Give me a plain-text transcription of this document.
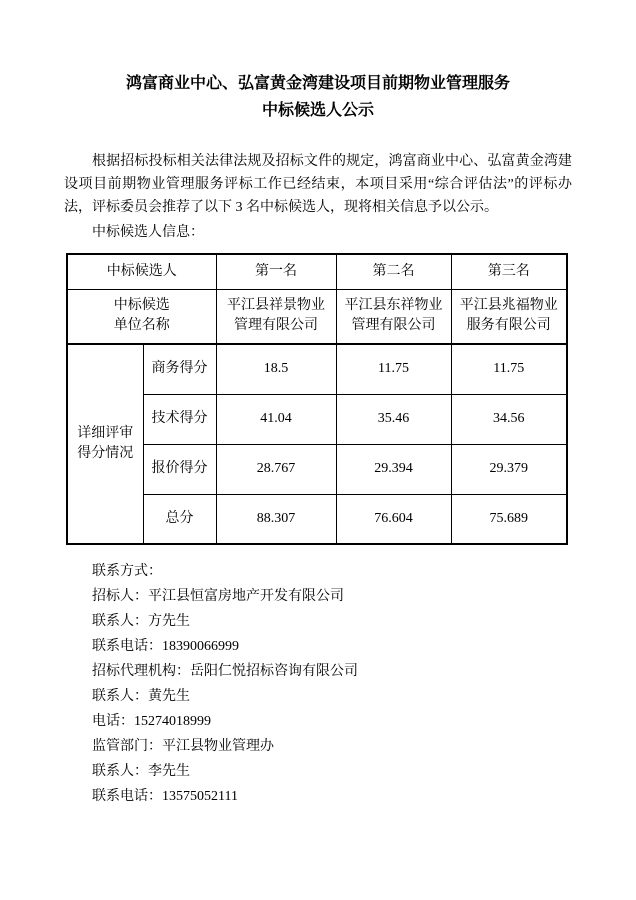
鸿富商业中心、弘富黄金湾建设项目前期物业管理服务
中标候选人公示

根据招标投标相关法律法规及招标文件的规定，鸿富商业中心、弘富黄金湾建设项目前期物业管理服务评标工作已经结束，本项目采用“综合评估法”的评标办法，评标委员会推荐了以下 3 名中标候选人，现将相关信息予以公示。

中标候选人信息：

中标候选人		第一名	第二名	第三名
中标候选
单位名称		平江县祥景物业管理有限公司	平江县东祥物业管理有限公司	平江县兆福物业服务有限公司
详细评审
得分情况	商务得分	18.5	11.75	11.75
	技术得分	41.04	35.46	34.56
	报价得分	28.767	29.394	29.379
	总分	88.307	76.604	75.689
联系方式：
招标人：平江县恒富房地产开发有限公司
联系人：方先生
联系电话：18390066999
招标代理机构：岳阳仁悦招标咨询有限公司
联系人：黄先生
电话：15274018999
监管部门：平江县物业管理办
联系人：李先生
联系电话：13575052111
